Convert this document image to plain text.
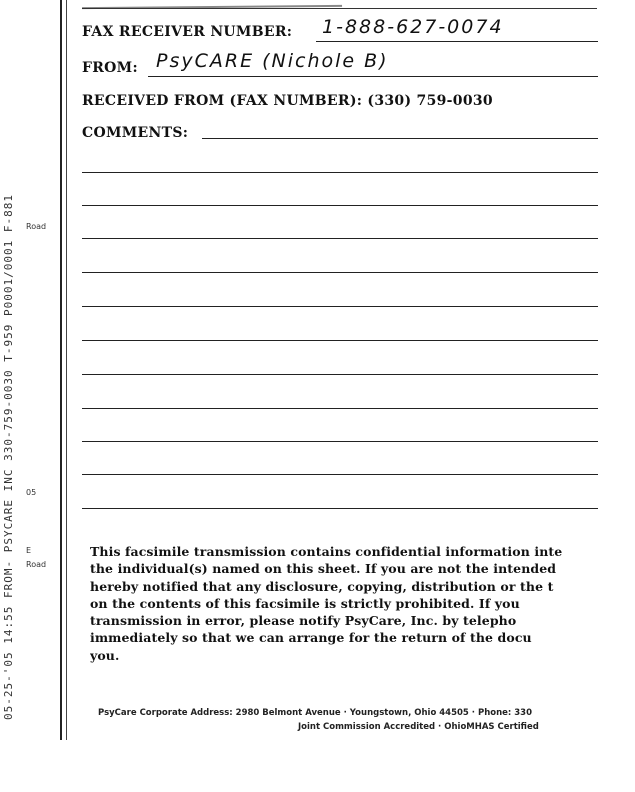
05-25-'05 14:55 FROM- PSYCARE INC 330-759-0030 T-959 P0001/0001 F-881	Road
Road
E
05
FAX RECEIVER NUMBER: 1-888-627-0074
FROM: PsyCARE (Nichole B)
RECEIVED FROM (FAX NUMBER): (330) 759-0030
COMMENTS:
This facsimile transmission contains confidential information inte
the individual(s) named on this sheet. If you are not the intended
hereby notified that any disclosure, copying, distribution or the t
on the contents of this facsimile is strictly prohibited. If you
transmission in error, please notify PsyCare, Inc. by telepho
immediately so that we can arrange for the return of the docu
you.
PsyCare Corporate Address: 2980 Belmont Avenue · Youngstown, Ohio 44505 · Phone: 330
Joint Commission Accredited · OhioMHAS Certified
